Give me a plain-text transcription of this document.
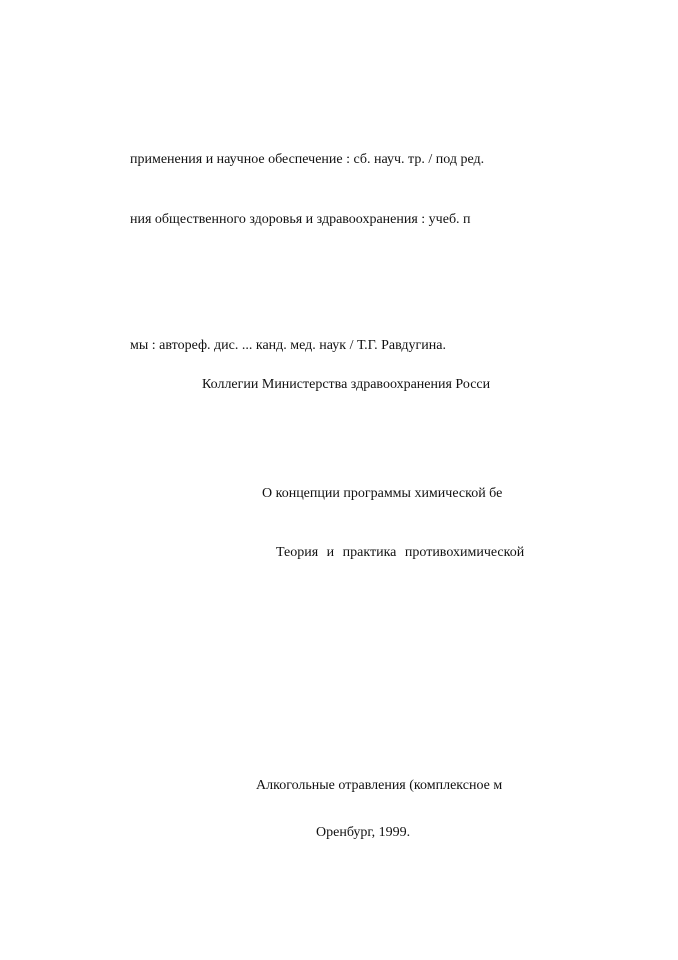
применения и научное обеспечение : сб. науч. тр. / под ред.
ния общественного здоровья и здравоохранения : учеб. п
мы : автореф. дис. ... канд. мед. наук / Т.Г. Равдугина.
Коллегии Министерства здравоохранения Росси
О концепции программы химической бе
Теория и практика противохимической
Алкогольные отравления (комплексное м
Оренбург, 1999.
